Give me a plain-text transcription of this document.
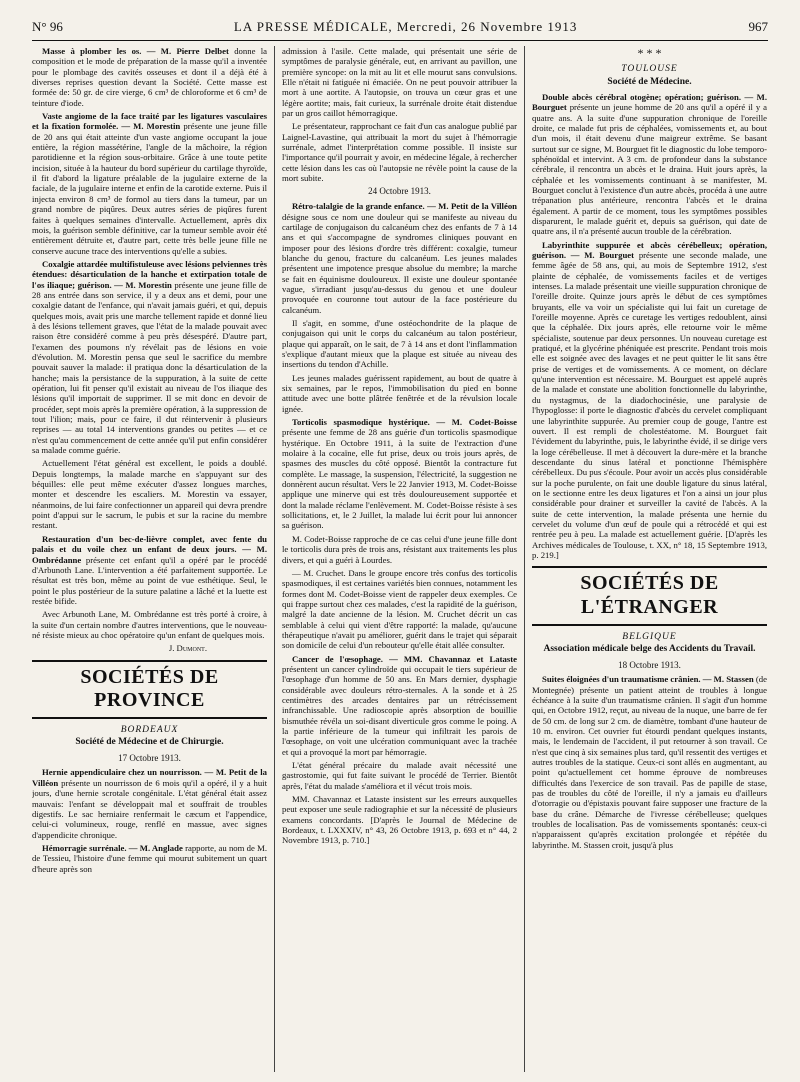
N° 96	LA PRESSE MÉDICALE, Mercredi, 26 Novembre 1913	967

Masse à plomber les os. — M. Pierre Delbet donne la composition et le mode de préparation de la masse qu'il a inventée pour le plombage des cavités osseuses et dont il a déjà été à diverses reprises question devant la Société. Cette masse est formée de: 50 gr. de cire vierge, 6 cm³ de chloroforme et 6 cm³ de teinture d'iode.

Vaste angiome de la face traité par les ligatures vasculaires et la fixation formolée. — M. Morestin présente une jeune fille de 20 ans qui était atteinte d'un vaste angiome occupant la joue entière, la région massétérine, l'angle de la mâchoire, la région parotidienne et la région sous-orbitaire. Grâce à une toute petite incision, située à la hauteur du bord supérieur du cartilage thyroïde, il fit d'abord la ligature préalable de la jugulaire externe de la faciale, de la jugulaire interne et enfin de la carotide externe. Puis il injecta environ 8 cm³ de formol au tiers dans la tumeur, par un grand nombre de piqûres. Deux autres séries de piqûres furent faites à quelques semaines d'intervalle. Actuellement, après dix mois, la guérison semble définitive, car la tumeur semble avoir été entièrement détruite et, d'autre part, cette très belle jeune fille ne conserve aucune trace des interventions qu'elle a subies.

Coxalgie attardée multifistuleuse avec lésions pelviennes très étendues: désarticulation de la hanche et extirpation totale de l'os iliaque; guérison. — M. Morestin présente une jeune fille de 28 ans entrée dans son service, il y a deux ans et demi, pour une coxalgie datant de l'enfance, qui n'avait jamais guéri, et qui, depuis quelques mois, avait pris une marche tellement rapide et donné lieu à des lésions tellement graves, que l'état de la malade pouvait avec raison être considéré comme à peu près désespéré. D'autre part, l'examen des poumons n'y révélait pas de lésions en voie d'évolution. M. Morestin pensa que seul le sacrifice du membre pouvait sauver la malade: il pratiqua donc la désarticulation de la hanche; mais la persistance de la suppuration, à la suite de cette opération, lui fit penser qu'il existait au niveau de l'os iliaque des lésions qu'il importait de supprimer. Il se mit donc en devoir de procéder, sept mois après la première opération, à la suppression de tout l'ilion; mais, pour ce faire, il dut réintervenir à plusieurs reprises — au total 14 interventions grandes ou petites — et ce n'est qu'au commencement de cette année qu'il put enfin considérer sa malade comme guérie.

Actuellement l'état général est excellent, le poids a doublé. Depuis longtemps, la malade marche en s'appuyant sur des béquilles: elle peut même exécuter d'assez longues marches, monter et descendre les escaliers. M. Morestin va essayer, néanmoins, de lui faire confectionner un appareil qui devra prendre point d'appui sur le sacrum, le pubis et sur la racine du membre restant.

Restauration d'un bec-de-lièvre complet, avec fente du palais et du voile chez un enfant de deux jours. — M. Ombrédanne présente cet enfant qu'il a opéré par le procédé d'Arbunoth Lane. L'intervention a été parfaitement supportée. Le résultat est très bon, même au point de vue esthétique. Seul, le point le plus postérieur de la suture palatine a lâché et la luette est restée bifide.

Avec Arbunoth Lane, M. Ombrédanne est très porté à croire, à la suite d'un certain nombre d'autres interventions, que le nouveau-né résiste mieux au choc opératoire qu'un enfant de quelques mois.

J. Dumont.

SOCIÉTÉS DE PROVINCE

BORDEAUX

Société de Médecine et de Chirurgie.

17 Octobre 1913.

Hernie appendiculaire chez un nourrisson. — M. Petit de la Villéon présente un nourrisson de 6 mois qu'il a opéré, il y a huit jours, d'une hernie scrotale congénitale. L'état général était assez mauvais: l'enfant se développait mal et souffrait de troubles digestifs. Le sac herniaire renfermait le cæcum et l'appendice, celui-ci volumineux, rouge, renflé en massue, avec signes d'appendicite chronique.

Hémorragie surrénale. — M. Anglade rapporte, au nom de M. de Tessieu, l'histoire d'une femme qui mourut subitement un quart d'heure après son

admission à l'asile. Cette malade, qui présentait une série de symptômes de paralysie générale, eut, en arrivant au pavillon, une première syncope: on la mit au lit et elle mourut sans convulsions. Elle n'était ni fatiguée ni émaciée. On ne peut pouvoir attribuer la mort à une aortite. A l'autopsie, on trouva un cœur gras et une légère aortite; mais, fait curieux, la surrénale droite était distendue par un gros caillot hémorragique.

Le présentateur, rapprochant ce fait d'un cas analogue publié par Laignel-Lavastine, qui attribuait la mort du sujet à l'hémorragie surrénale, admet l'interprétation comme possible. Il insiste sur l'importance qu'il pourrait y avoir, en médecine légale, à rechercher cette lésion dans les cas où l'autopsie ne révèle point la cause de la mort subite.

24 Octobre 1913.

Rétro-talalgie de la grande enfance. — M. Petit de la Villéon désigne sous ce nom une douleur qui se manifeste au niveau du cartilage de conjugaison du calcanéum chez des enfants de 7 à 14 ans et qui s'accompagne de syndromes cliniques pouvant en imposer pour des lésions d'ordre très différent: coxalgie, tumeur blanche du genou, fracture du calcanéum. Les jeunes malades présentent une impotence presque absolue du membre; la marche se fait en équinisme douloureux. Il existe une douleur spontanée vague, s'irradiant jusqu'au-dessus du genou et une douleur provoquée en couronne tout autour de la face postérieure du calcanéum.

Il s'agit, en somme, d'une ostéochondrite de la plaque de conjugaison qui unit le corps du calcanéum au talon postérieur, plaque qui apparaît, on le sait, de 7 à 14 ans et dont l'inflammation s'explique d'autant mieux que la plaque est située au niveau des insertions du tendon d'Achille.

Les jeunes malades guérissent rapidement, au bout de quatre à six semaines, par le repos, l'immobilisation du pied en bonne attitude avec une botte plâtrée fenêtrée et de la révulsion locale ignée.

Torticolis spasmodique hystérique. — M. Codet-Boisse présente une femme de 28 ans guérie d'un torticolis spasmodique hystérique. En Octobre 1911, à la suite de l'extraction d'une molaire à la cocaïne, elle fut prise, deux ou trois jours après, de spasmes des muscles du côté opposé. Bientôt la contracture fut complète. Le massage, la suspension, l'électricité, la suggestion ne donnèrent aucun résultat. Vers le 22 Janvier 1913, M. Codet-Boisse applique une minerve qui est très douloureusement supportée et dont la malade réclame l'enlèvement. M. Codet-Boisse résiste à ses sollicitations, et, le 2 Juillet, la malade lui écrit pour lui annoncer sa guérison.

M. Codet-Boisse rapproche de ce cas celui d'une jeune fille dont le torticolis dura près de trois ans, résistant aux traitements les plus divers, et qui a guéri à Lourdes.

— M. Cruchet. Dans le groupe encore très confus des torticolis spasmodiques, il est certaines variétés bien connues, notamment les formes dont M. Codet-Boisse vient de rappeler deux exemples. Ce qui frappe surtout chez ces malades, c'est la rapidité de la guérison, malgré la date ancienne de la lésion. M. Cruchet décrit un cas semblable à celui qui vient d'être rapporté: la malade, qu'aucune thérapeutique n'avait pu améliorer, guérit dans le trajet qui séparait son domicile de celui d'un rebouteur qu'elle était allée consulter.

Cancer de l'œsophage. — MM. Chavannaz et Lataste présentent un cancer cylindroïde qui occupait le tiers supérieur de l'œsophage d'un homme de 50 ans. En Mars dernier, dysphagie considérable avec douleurs rétro-sternales. A la sonde et à 25 centimètres des arcades dentaires par un rétrécissement infranchissable. Une radioscopie après absorption de bouillie bismuthée révéla un soi-disant diverticule gros comme le poing. A la partie inférieure de la tumeur qui infiltrait les parois de l'œsophage, on voit une ulcération communiquant avec la trachée et qui a provoqué la mort par hémorragie.

L'état général précaire du malade avait nécessité une gastrostomie, qui fut faite suivant le procédé de Terrier. Bientôt après, l'état du malade s'améliora et il vécut trois mois.

MM. Chavannaz et Lataste insistent sur les erreurs auxquelles peut exposer une seule radiographie et sur la nécessité de plusieurs examens concordants. [D'après le Journal de Médecine de Bordeaux, t. LXXXIV, n° 43, 26 Octobre 1913, p. 693 et n° 44, 2 Novembre 1913, p. 710.]

* * *

TOULOUSE

Société de Médecine.

Double abcès cérébral otogène; opération; guérison. — M. Bourguet présente un jeune homme de 20 ans qu'il a opéré il y a quatre ans. A la suite d'une suppuration chronique de l'oreille droite, ce malade fut pris de céphalées, vomissements et, au bout d'un mois, il était devenu d'une maigreur extrême. Se basant surtout sur ce signe, M. Bourguet fit le diagnostic du lobe temporo-sphénoïdal et intervint. A 3 cm. de profondeur dans la substance cérébrale, il rencontra un abcès et le draina. Huit jours après, la céphalée et les vomissements continuant à se manifester, M. Bourguet conclut à l'existence d'un autre abcès, procéda à une autre trépanation plus antérieure, rencontra l'abcès et le draina également. A partir de ce moment, tous les symptômes possibles disparurent, le malade guérit et, depuis sa guérison, qui date de quatre ans, il n'a présenté aucun trouble de la cérébration.

Labyrinthite suppurée et abcès cérébelleux; opération, guérison. — M. Bourguet présente une seconde malade, une femme âgée de 58 ans, qui, au mois de Septembre 1912, s'est plainte de céphalée, de vomissements faciles et de vertiges intenses. La malade présentait une vieille suppuration chronique de l'oreille droite. Quinze jours après le début de ces symptômes bruyants, elle va voir un spécialiste qui lui fait un curetage de l'oreille moyenne. Après ce curetage les vertiges redoublent, ainsi que la céphalée. Dix jours après, elle retourne voir le même spécialiste, soutenue par deux personnes. Un nouveau curetage est pratiqué, et la glycérine phéniquée est prescrite. Pendant trois mois elle est soignée avec des lavages et ne peut quitter le lit sans être prise de vertiges et de vomissements. A ce moment, on déclare qu'une intervention est nécessaire. M. Bourguet est appelé auprès de la malade et constate une abolition fonctionnelle du labyrinthe, du nystagmus, de la diadochocinésie, une paralysie de l'hypoglosse: il porte le diagnostic d'abcès du cervelet compliquant une labyrinthite suppurée. Au premier coup de gouge, l'antre est ouvert. Il est rempli de cholestéatome. M. Bourguet fait l'évidement du labyrinthe, puis, le labyrinthe évidé, il se dirige vers la loge cérébelleuse. Il met à découvert la dure-mère et la branche descendante du sinus latéral et ponctionne l'hémisphère cérébelleux. Du pus s'écoule. Pour avoir un accès plus considérable sur la poche purulente, on fait une double ligature du sinus latéral, on le sectionne entre les deux ligatures et l'on a ainsi un jour plus considérable pour drainer et surveiller la cavité de l'abcès. A la suite de cette intervention, la malade présenta une hernie du cervelet du volume d'un œuf de poule qui a rétrocédé et qui est rentrée peu à peu. La malade est actuellement guérie. [D'après les Archives médicales de Toulouse, t. XX, n° 18, 15 Septembre 1913, p. 219.]

SOCIÉTÉS DE L'ÉTRANGER

BELGIQUE

Association médicale belge des Accidents du Travail.

18 Octobre 1913.

Suites éloignées d'un traumatisme crânien. — M. Stassen (de Montegnée) présente un patient atteint de troubles à longue échéance à la suite d'un traumatisme crânien. Il s'agit d'un homme qui, en Octobre 1912, reçut, au niveau de la nuque, une barre de fer de 50 cm. de long sur 2 cm. de diamètre, tombant d'une hauteur de 10 m. environ. Cet ouvrier fut étourdi pendant quelques instants, mais, le lendemain de l'accident, il put retourner à son travail. Ce n'est que cinq à six semaines plus tard, qu'il ressentit des vertiges et autres troubles de la statique. Ceux-ci sont allés en augmentant, au point qu'actuellement cet homme éprouve de nombreuses difficultés dans l'exercice de son travail. Pas de papille de stase, pas de troubles du côté de l'oreille, il n'y a jamais eu d'ailleurs d'otorragie ou d'épistaxis pouvant faire supposer une fracture de la base du crâne. Démarche de l'ivresse cérébelleuse; quelques troubles de localisation. Pas de vomissements spontanés: ceux-ci n'apparaissent qu'après excitation prolongée et répétée du labyrinthe. M. Stassen croit, jusqu'à plus
